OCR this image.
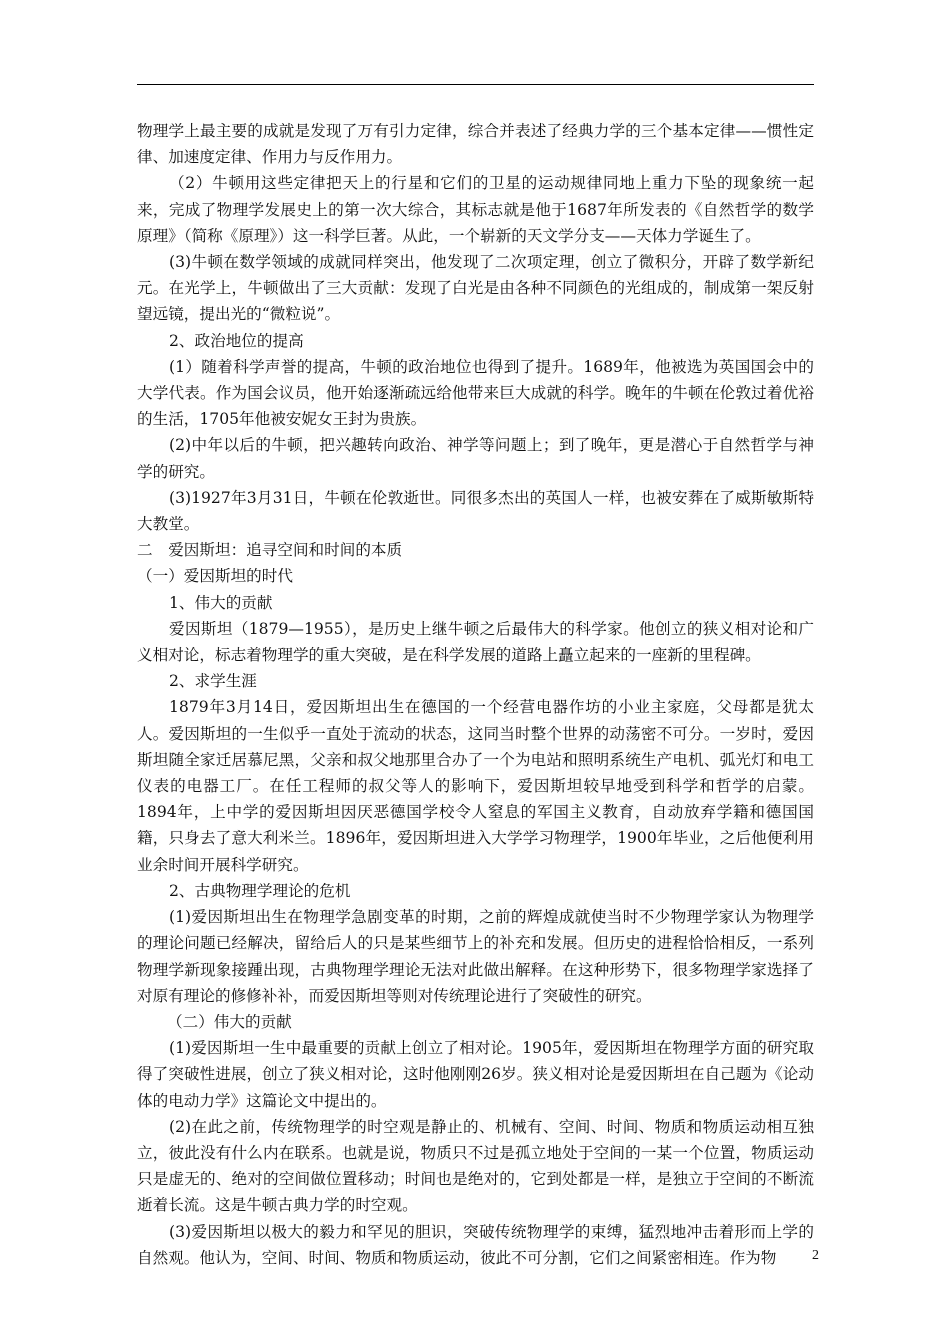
物理学上最主要的成就是发现了万有引力定律，综合并表述了经典力学的三个基本定律——惯性定律、加速度定律、作用力与反作用力。

（2）牛顿用这些定律把天上的行星和它们的卫星的运动规律同地上重力下坠的现象统一起来，完成了物理学发展史上的第一次大综合，其标志就是他于1687年所发表的《自然哲学的数学原理》（简称《原理》）这一科学巨著。从此，一个崭新的天文学分支——天体力学诞生了。

(3)牛顿在数学领域的成就同样突出，他发现了二次项定理，创立了微积分，开辟了数学新纪元。在光学上，牛顿做出了三大贡献：发现了白光是由各种不同颜色的光组成的，制成第一架反射望远镜，提出光的“微粒说”。

2、政治地位的提高

(1）随着科学声誉的提高，牛顿的政治地位也得到了提升。1689年，他被选为英国国会中的大学代表。作为国会议员，他开始逐渐疏远给他带来巨大成就的科学。晚年的牛顿在伦敦过着优裕的生活，1705年他被安妮女王封为贵族。

(2)中年以后的牛顿，把兴趣转向政治、神学等问题上；到了晚年，更是潜心于自然哲学与神学的研究。

(3)1927年3月31日，牛顿在伦敦逝世。同很多杰出的英国人一样，也被安葬在了威斯敏斯特大教堂。

二　爱因斯坦：追寻空间和时间的本质

（一）爱因斯坦的时代

1、伟大的贡献

爱因斯坦（1879—1955），是历史上继牛顿之后最伟大的科学家。他创立的狭义相对论和广义相对论，标志着物理学的重大突破，是在科学发展的道路上矗立起来的一座新的里程碑。

2、求学生涯

1879年3月14日，爱因斯坦出生在德国的一个经营电器作坊的小业主家庭，父母都是犹太人。爱因斯坦的一生似乎一直处于流动的状态，这同当时整个世界的动荡密不可分。一岁时，爱因斯坦随全家迁居慕尼黑，父亲和叔父地那里合办了一个为电站和照明系统生产电机、弧光灯和电工仪表的电器工厂。在任工程师的叔父等人的影响下，爱因斯坦较早地受到科学和哲学的启蒙。1894年，上中学的爱因斯坦因厌恶德国学校令人窒息的军国主义教育，自动放弃学籍和德国国籍，只身去了意大利米兰。1896年，爱因斯坦进入大学学习物理学，1900年毕业，之后他便利用业余时间开展科学研究。

2、古典物理学理论的危机

(1)爱因斯坦出生在物理学急剧变革的时期，之前的辉煌成就使当时不少物理学家认为物理学的理论问题已经解决，留给后人的只是某些细节上的补充和发展。但历史的进程恰恰相反，一系列物理学新现象接踵出现，古典物理学理论无法对此做出解释。在这种形势下，很多物理学家选择了对原有理论的修修补补，而爱因斯坦等则对传统理论进行了突破性的研究。

（二）伟大的贡献

(1)爱因斯坦一生中最重要的贡献上创立了相对论。1905年，爱因斯坦在物理学方面的研究取得了突破性进展，创立了狭义相对论，这时他刚刚26岁。狭义相对论是爱因斯坦在自己题为《论动体的电动力学》这篇论文中提出的。

(2)在此之前，传统物理学的时空观是静止的、机械有、空间、时间、物质和物质运动相互独立，彼此没有什么内在联系。也就是说，物质只不过是孤立地处于空间的一某一个位置，物质运动只是虚无的、绝对的空间做位置移动；时间也是绝对的，它到处都是一样，是独立于空间的不断流逝着长流。这是牛顿古典力学的时空观。

(3)爱因斯坦以极大的毅力和罕见的胆识，突破传统物理学的束缚，猛烈地冲击着形而上学的自然观。他认为，空间、时间、物质和物质运动，彼此不可分割，它们之间紧密相连。作为物	2
